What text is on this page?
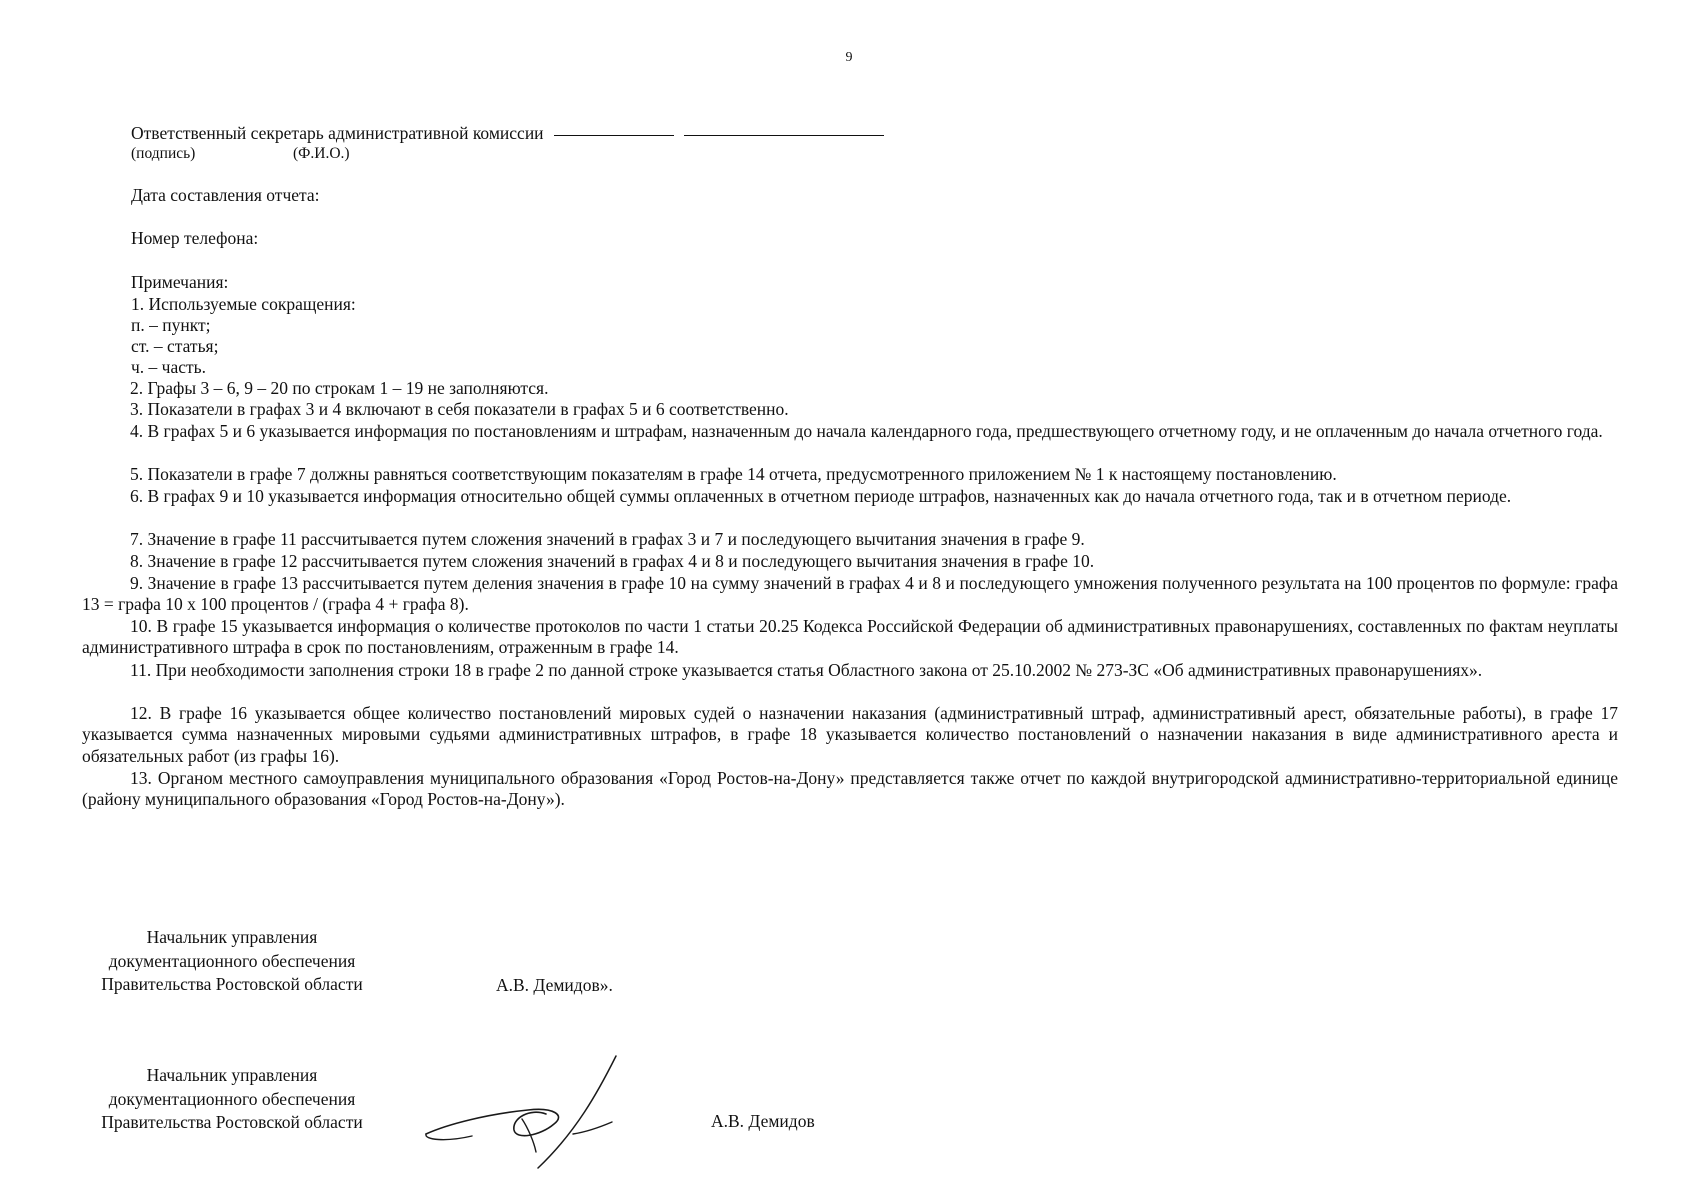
9
Ответственный секретарь административной комиссии
(подпись)	(Ф.И.О.)
Дата составления отчета:
Номер телефона:
Примечания:
1. Используемые сокращения:
п. – пункт;
ст. – статья;
ч. – часть.
2. Графы 3 – 6, 9 – 20 по строкам 1 – 19 не заполняются.
3. Показатели в графах 3 и 4 включают в себя показатели в графах 5 и 6 соответственно.
4. В графах 5 и 6 указывается информация по постановлениям и штрафам, назначенным до начала календарного года, предшествующего отчетному году, и не оплаченным до начала отчетного года.
5. Показатели в графе 7 должны равняться соответствующим показателям в графе 14 отчета, предусмотренного приложением № 1 к настоящему постановлению.
6. В графах 9 и 10 указывается информация относительно общей суммы оплаченных в отчетном периоде штрафов, назначенных как до начала отчетного года, так и в отчетном периоде.
7. Значение в графе 11 рассчитывается путем сложения значений в графах 3 и 7 и последующего вычитания значения в графе 9.
8. Значение в графе 12 рассчитывается путем сложения значений в графах 4 и 8 и последующего вычитания значения в графе 10.
9. Значение в графе 13 рассчитывается путем деления значения в графе 10 на сумму значений в графах 4 и 8 и последующего умножения полученного результата на 100 процентов по формуле: графа 13 = графа 10 x 100 процентов / (графа 4 + графа 8).
10. В графе 15 указывается информация о количестве протоколов по части 1 статьи 20.25 Кодекса Российской Федерации об административных правонарушениях, составленных по фактам неуплаты административного штрафа в срок по постановлениям, отраженным в графе 14.
11. При необходимости заполнения строки 18 в графе 2 по данной строке указывается статья Областного закона от 25.10.2002 № 273-ЗС «Об административных правонарушениях».
12. В графе 16 указывается общее количество постановлений мировых судей о назначении наказания (административный штраф, административный арест, обязательные работы), в графе 17 указывается сумма назначенных мировыми судьями административных штрафов, в графе 18 указывается количество постановлений о назначении наказания в виде административного ареста и обязательных работ (из графы 16).
13. Органом местного самоуправления муниципального образования «Город Ростов-на-Дону» представляется также отчет по каждой внутригородской административно-территориальной единице (району муниципального образования «Город Ростов-на-Дону»).
Начальник управления
документационного обеспечения
Правительства Ростовской области	А.В. Демидов».
Начальник управления
документационного обеспечения
Правительства Ростовской области	А.В. Демидов
